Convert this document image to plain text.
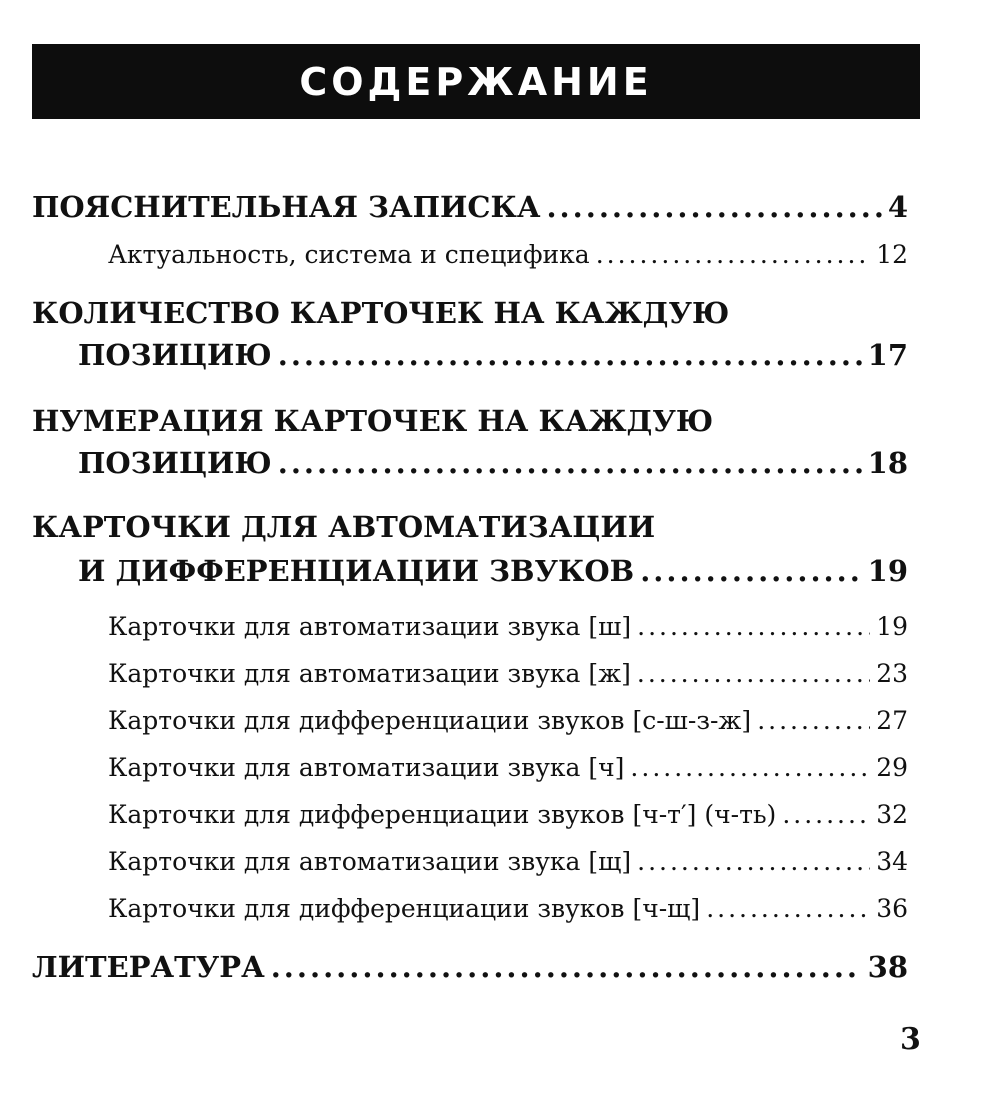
СОДЕРЖАНИЕ
ПОЯСНИТЕЛЬНАЯ ЗАПИСКА .....	4
Актуальность, система и специфика .....	12
КОЛИЧЕСТВО КАРТОЧЕК НА КАЖДУЮ
ПОЗИЦИЮ .....	17
НУМЕРАЦИЯ КАРТОЧЕК НА КАЖДУЮ
ПОЗИЦИЮ .....	18
КАРТОЧКИ ДЛЯ АВТОМАТИЗАЦИИ
И ДИФФЕРЕНЦИАЦИИ ЗВУКОВ .....	19
Карточки для автоматизации звука [ш] .....	19
Карточки для автоматизации звука [ж] .....	23
Карточки для дифференциации звуков [с-ш-з-ж] .....	27
Карточки для автоматизации звука [ч] .....	29
Карточки для дифференциации звуков [ч-т′] (ч-ть) .....	32
Карточки для автоматизации звука [щ] .....	34
Карточки для дифференциации звуков [ч-щ] .....	36
ЛИТЕРАТУРА .....	38
3
